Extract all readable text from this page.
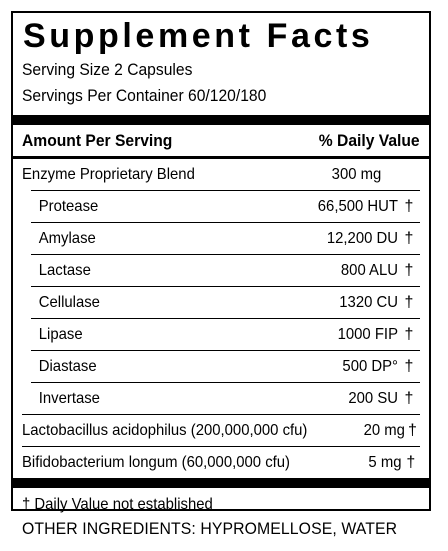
Supplement Facts
Serving Size 2 Capsules
Servings Per Container 60/120/180
Amount Per Serving	% Daily Value
Enzyme Proprietary Blend	300 mg
Protease	66,500 HUT †
Amylase	12,200 DU †
Lactase	800 ALU †
Cellulase	1320 CU †
Lipase	1000 FIP †
Diastase	500 DP° †
Invertase	200 SU †
Lactobacillus acidophilus (200,000,000 cfu)	20 mg †
Bifidobacterium longum (60,000,000 cfu)	5 mg †
† Daily Value not established
OTHER INGREDIENTS: HYPROMELLOSE, WATER
